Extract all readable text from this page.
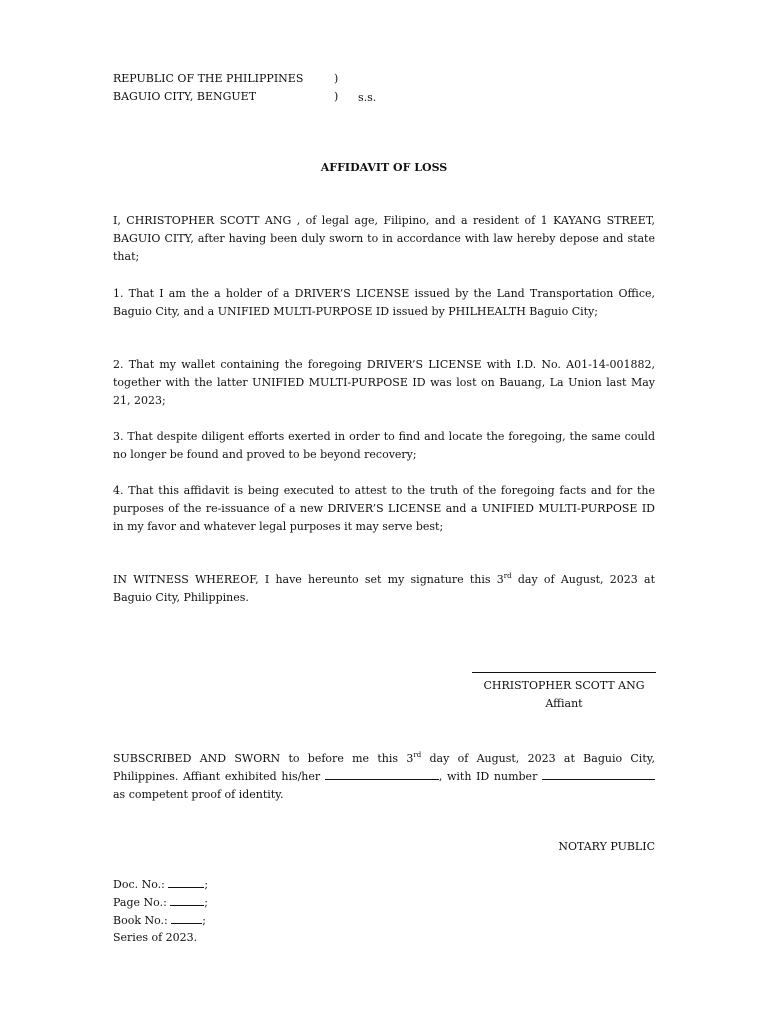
REPUBLIC OF THE PHILIPPINES	)
BAGUIO CITY, BENGUET	) s.s.
AFFIDAVIT OF LOSS
I, CHRISTOPHER SCOTT ANG , of legal age, Filipino, and a resident of 1 KAYANG STREET, BAGUIO CITY, after having been duly sworn to in accordance with law hereby depose and state that;
1. That I am the a holder of a DRIVER’S LICENSE issued by the Land Transportation Office, Baguio City, and a UNIFIED MULTI-PURPOSE ID issued by PHILHEALTH Baguio City;
2. That my wallet containing the foregoing DRIVER’S LICENSE with I.D. No. A01-14-001882, together with the latter UNIFIED MULTI-PURPOSE ID was lost on Bauang, La Union last May 21, 2023;
3. That despite diligent efforts exerted in order to find and locate the foregoing, the same could no longer be found and proved to be beyond recovery;
4. That this affidavit is being executed to attest to the truth of the foregoing facts and for the purposes of the re-issuance of a new DRIVER’S LICENSE and a UNIFIED MULTI-PURPOSE ID in my favor and whatever legal purposes it may serve best;
IN WITNESS WHEREOF, I have hereunto set my signature this 3rd day of August, 2023 at Baguio City, Philippines.
CHRISTOPHER SCOTT ANG
Affiant
SUBSCRIBED AND SWORN to before me this 3rd day of August, 2023 at Baguio City, Philippines. Affiant exhibited his/her	, with ID number  as competent proof of identity.
NOTARY PUBLIC
Doc. No.:	;
Page No.:	;
Book No.:	;
Series of 2023.
